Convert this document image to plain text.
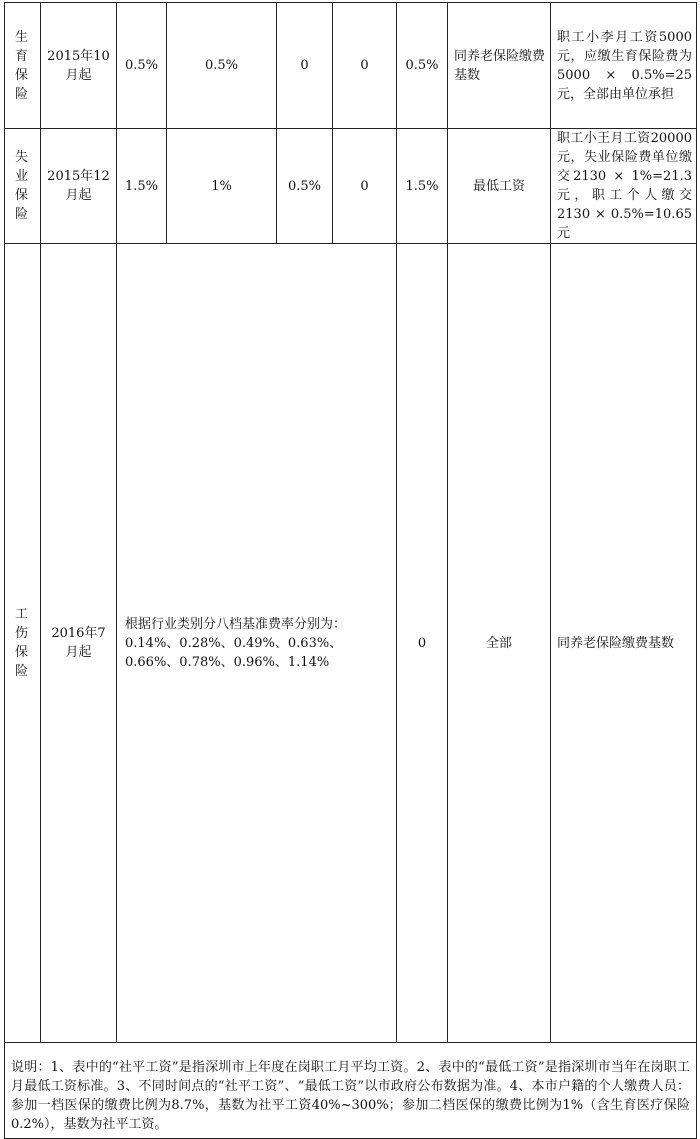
生育保险	2015年10月起	0.5%	0.5%	0	0	0.5%	同养老保险缴费基数	职工小李月工资5000元，应缴生育保险费为5000 × 0.5%=25元，全部由单位承担	
失业保险	2015年12月起	1.5%	1%	0.5%	0	1.5%	最低工资	职工小王月工资20000元，失业保险费单位缴交2130 × 1%=21.3元，职工个人缴交2130 × 0.5%=10.65元	
工伤保险	2016年7月起	根据行业类别分八档基准费率分别为：0.14%、0.28%、0.49%、0.63%、0.66%、0.78%、0.96%、1.14%				0	全部	同养老保险缴费基数	
说明：1、表中的“社平工资”是指深圳市上年度在岗职工月平均工资。2、表中的“最低工资”是指深圳市当年在岗职工月最低工资标准。3、不同时间点的“社平工资”、“最低工资”以市政府公布数据为准。4、本市户籍的个人缴费人员：参加一档医保的缴费比例为8.7%，基数为社平工资40%~300%；参加二档医保的缴费比例为1%（含生育医疗保险0.2%），基数为社平工资。									
